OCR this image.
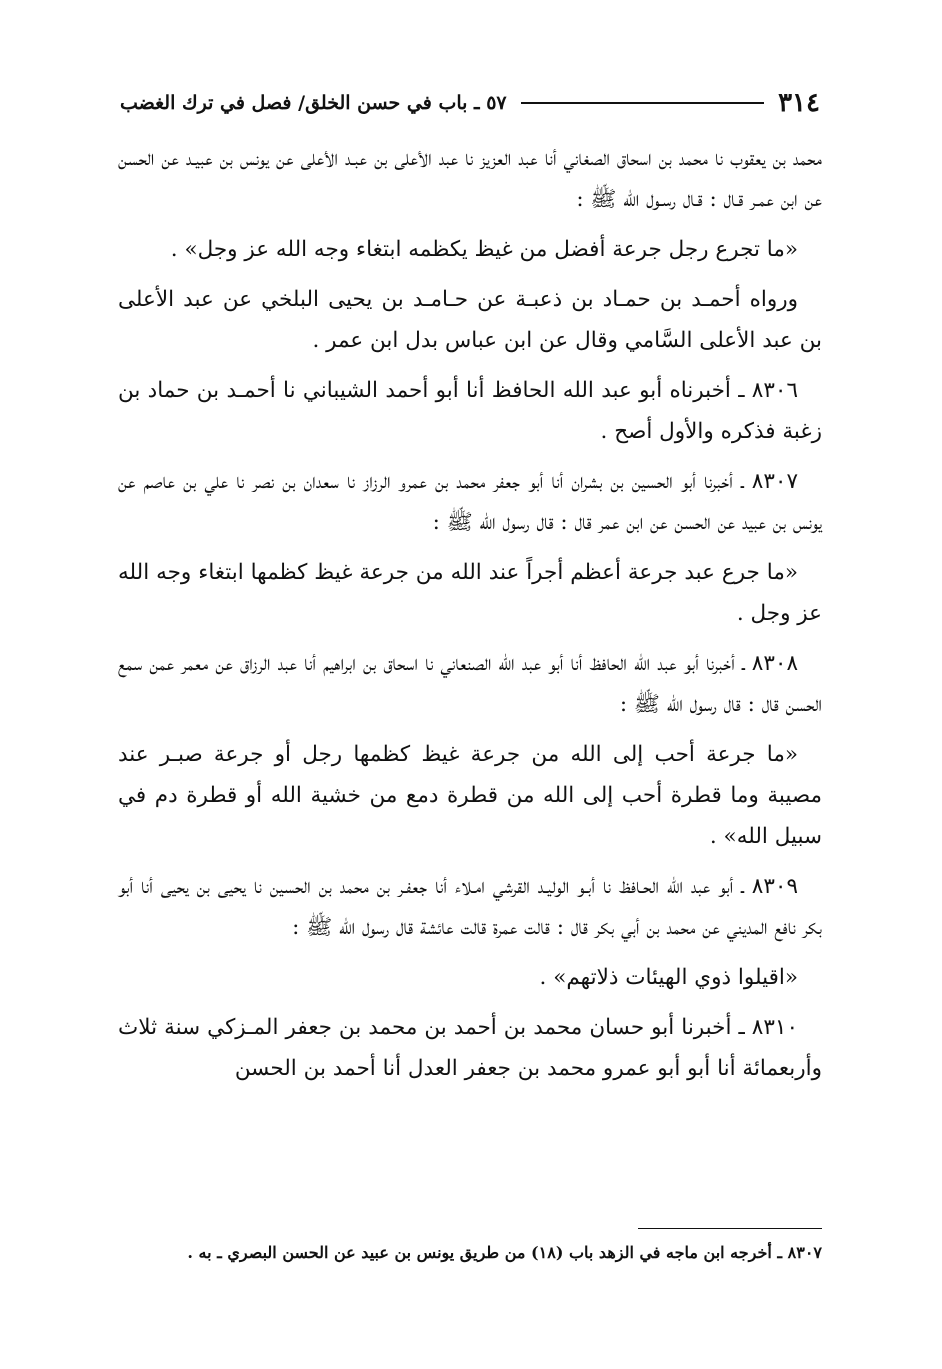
٣١٤
٥٧ ـ باب في حسن الخلق/ فصل في ترك الغضب

محمد بن يعقوب نا محمد بن اسحاق الصغاني أنا عبد العزيز نا عبد الأعلى بن عبـد الأعلى عن يونس بن عبيـد عن الحسن عن ابن عمـر قـال : قـال رسـول الله ﷺ :

«ما تجرع رجل جرعة أفضل من غيظ يكظمه ابتغاء وجه الله عز وجل» .

ورواه أحمـد بن حمـاد بن ذعبـة عن حـامـد بن يحيى البلخي عن عبد الأعلى بن عبد الأعلى السَّامي وقال عن ابن عباس بدل ابن عمر .

٨٣٠٦ ـ أخبرناه أبو عبد الله الحافظ أنا أبو أحمد الشيباني نا أحمـد بن حماد بن زغبة فذكره والأول أصح .

٨٣٠٧ ـ أخبرنا أبو الحسين بن بشران أنا أبو جعفر محمد بن عمرو الرزاز نا سعدان بن نصر نا علي بن عاصم عن يونس بن عبيد عن الحسن عن ابن عمر قال : قال رسول الله ﷺ :

«ما جرع عبد جرعة أعظم أجراً عند الله من جرعة غيظ كظمها ابتغاء وجه الله عز وجل .

٨٣٠٨ ـ أخبرنا أبو عبد الله الحافظ أنا أبو عبد الله الصنعاني نا اسحاق بن ابراهيم أنا عبد الرزاق عن معمر عمن سمع الحسن قال : قال رسول الله ﷺ :

«ما جرعة أحب إلى الله من جرعة غيظ كظمها رجل أو جرعة صبـر عند مصيبة وما قطرة أحب إلى الله من قطرة دمع من خشية الله أو قطرة دم في سبيل الله» .

٨٣٠٩ ـ أبو عبد الله الحـافظ نا أبـو الوليـد القرشي امـلاء أنا جعفـر بن محمد بن الحسين نا يحيى بن يحيى أنا أبو بكر نافع المديني عن محمد بن أبي بكر قال : قالت عمرة قالت عائشة قال رسول الله ﷺ :

«اقيلوا ذوي الهيئات ذلاتهم» .

٨٣١٠ ـ أخبرنا أبو حسان محمد بن أحمد بن محمد بن جعفر المـزكي سنة ثلاث وأربعمائة أنا أبو أبو عمرو محمد بن جعفر العدل أنا أحمد بن الحسن

٨٣٠٧ ـ أخرجه ابن ماجه في الزهد باب (١٨) من طريق يونس بن عبيد عن الحسن البصري ـ به .
